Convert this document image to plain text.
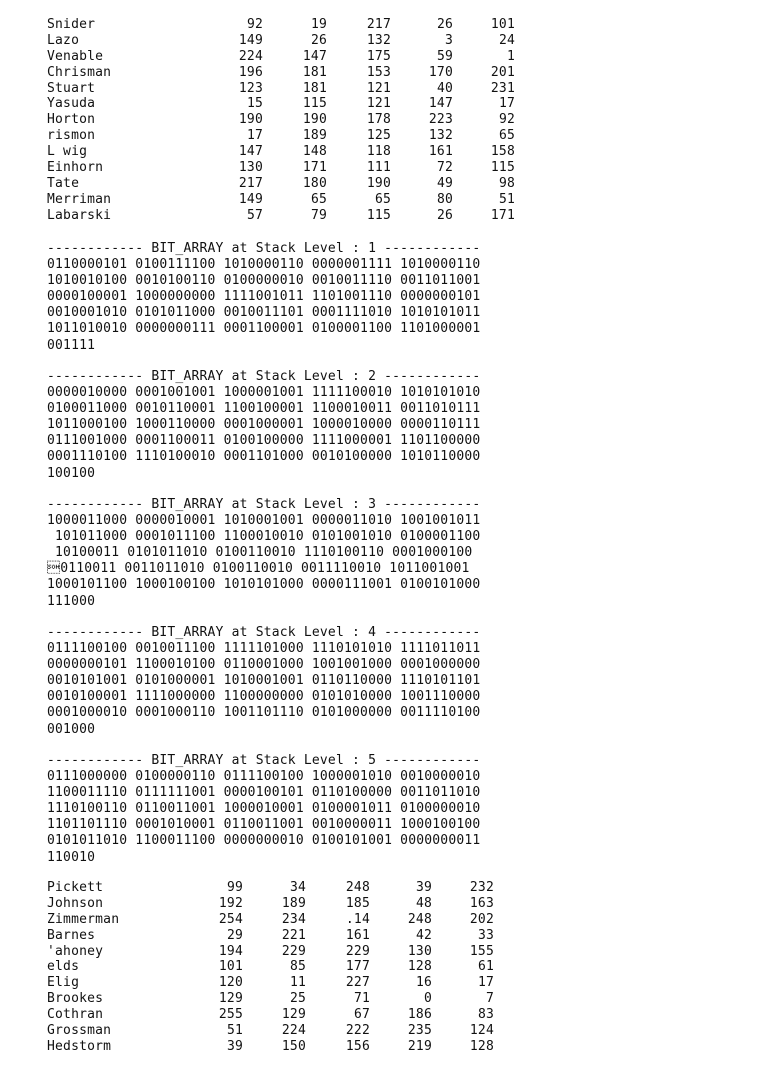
Snider	92	19	217	26	101
Lazo	149	26	132	3	24
Venable	224	147	175	59	1
Chrisman	196	181	153	170	201
Stuart	123	181	121	40	231
Yasuda	15	115	121	147	17
Horton	190	190	178	223	92
rismon	17	189	125	132	65
L wig	147	148	118	161	158
Einhorn	130	171	111	72	115
Tate	217	180	190	49	98
Merriman	149	65	65	80	51
Labarski	57	79	115	26	171
------------ BIT_ARRAY at Stack Level : 1 ------------
0110000101 0100111100 1010000110 0000001111 1010000110
1010010100 0010100110 0100000010 0010011110 0011011001
0000100001 1000000000 1111001011 1101001110 0000000101
0010001010 0101011000 0010011101 0001111010 1010101011
1011010010 0000000111 0001100001 0100001100 1101000001
001111
------------ BIT_ARRAY at Stack Level : 2 ------------
0000010000 0001001001 1000001001 1111100010 1010101010
0100011000 0010110001 1100100001 1100010011 0011010111
1011000100 1000110000 0001000001 1000010000 0000110111
0111001000 0001100011 0100100000 1111000001 1101100000
0001110100 1110100010 0001101000 0010100000 1010110000
100100
------------ BIT_ARRAY at Stack Level : 3 ------------
1000011000 0000010001 1010001001 0000011010 1001001011
101011000 0001011100 1100010010 0101001010 0100001100
10100011 0101011010 0100110010 1110100110 0001000100
0110011 0011011010 0100110010 0011110010 1011001001
1000101100 1000100100 1010101000 0000111001 0100101000
111000
------------ BIT_ARRAY at Stack Level : 4 ------------
0111100100 0010011100 1111101000 1110101010 1111011011
0000000101 1100010100 0110001000 1001001000 0001000000
0010101001 0101000001 1010001001 0110110000 1110101101
0010100001 1111000000 1100000000 0101010000 1001110000
0001000010 0001000110 1001101110 0101000000 0011110100
001000
------------ BIT_ARRAY at Stack Level : 5 ------------
0111000000 0100000110 0111100100 1000001010 0010000010
1100011110 0111111001 0000100101 0110100000 0011011010
1110100110 0110011001 1000010001 0100001011 0100000010
1101101110 0001010001 0110011001 0010000011 1000100100
0101011010 1100011100 0000000010 0100101001 0000000011
110010
Pickett	99	34	248	39	232
Johnson	192	189	185	48	163
Zimmerman	254	234	.14	248	202
Barnes	29	221	161	42	33
'ahoney	194	229	229	130	155
elds	101	85	177	128	61
Elig	120	11	227	16	17
Brookes	129	25	71	0	7
Cothran	255	129	67	186	83
Grossman	51	224	222	235	124
Hedstorm	39	150	156	219	128
